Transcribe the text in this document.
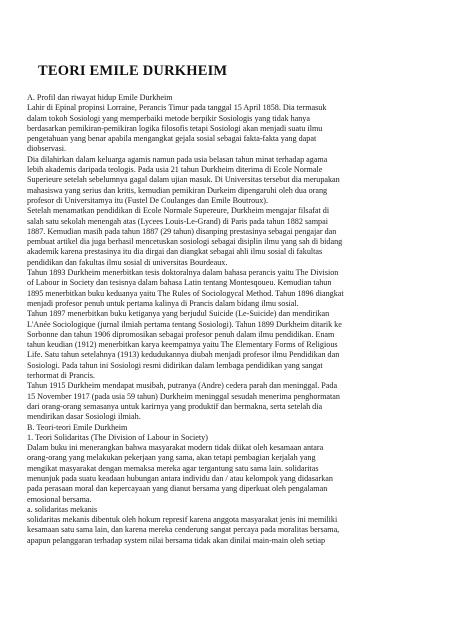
TEORI EMILE DURKHEIM
A. Profil dan riwayat hidup Emile Durkheim
Lahir di Epinal propinsi Lorraine, Perancis Timur pada tanggal 15 April 1858. Dia termasuk
dalam tokoh Sosiologi yang memperbaiki metode berpikir Sosiologis yang tidak hanya
berdasarkan pemikiran-pemikiran logika filosofis tetapi Sosiologi akan menjadi suatu ilmu
pengetahuan yang benar apabila mengangkat gejala sosial sebagai fakta-fakta yang dapat
diobservasi.
Dia dilahirkan dalam keluarga agamis namun pada usia belasan tahun minat terhadap agama
lebih akademis daripada teologis. Pada usia 21 tahun Durkheim diterima di Ecole Normale
Superieure setelah sebelumnya gagal dalam ujian masuk. Di Universitas tersebut dia merupakan
mahasiswa yang serius dan kritis, kemudian pemikiran Durkeim dipengaruhi oleh dua orang
profesor di Universitamya itu (Fustel De Coulanges dan Emile Boutroux).
Setelah menamatkan pendidikan di Ecole Normale Supereure, Durkheim mengajar filsafat di
salah satu sekolah menengah atas (Lycees Louis-Le-Grand) di Paris pada tahun 1882 sampai
1887. Kemudian masih pada tahun 1887 (29 tahun) disanping prestasinya sebagai pengajar dan
pembuat artikel dia juga berhasil mencetuskan sosiologi sebagai disiplin ilmu yang sah di bidang
akademik karena prestasinya itu dia dirgai dan diangkat sebagai ahli ilmu sosial di fakultas
pendidikan dan fakultas ilmu sosial di universitas Bourdeaux.
Tahun 1893 Durkheim menerbitkan tesis doktoralnya dalam bahasa perancis yaitu The Division
of Labour in Society dan tesisnya dalam bahasa Latin tentang Montesqoueu. Kemudian tahun
1895 menerbitkan buku keduanya yaitu The Rules of Sociologycal Method. Tahun 1896 diangkat
menjadi profesor penuh untuk pertama kalinya di Prancis dalam bidang ilmu sosial.
Tahun 1897 menerbitkan buku ketiganya yang berjudul Suicide (Le-Suicide) dan mendirikan
L'Anée Sociologique (jurnal ilmiah pertama tentang Sosiologi). Tahun 1899 Durkheim ditarik ke
Sorbonne dan tahun 1906 dipromosikan sebagai profesor penuh dalam ilmu pendidikan. Enam
tahun keudian (1912) menerbitkan karya keempatnya yaitu The Elementary Forms of Religious
Life. Satu tahun setelahnya (1913) kedudukannya diubah menjadi profesor ilmu Pendidikan dan
Sosiologi. Pada tahun ini Sosiologi resmi didirikan dalam lembaga pendidikan yang sangat
terhormat di Prancis.
Tahun 1915 Durkheim mendapat musibah, putranya (Andre) cedera parah dan meninggal. Pada
15 November 1917 (pada usia 59 tahun) Durkheim meninggal sesudah menerima penghormatan
dari orang-orang semasanya untuk karirnya yang produktif dan bermakna, serta setelah dia
mendirikan dasar Sosiologi ilmiah.
B. Teori-teori Emile Durkheim
1. Teori Solidaritas (The Division of Labour in Society)
Dalam buku ini menerangkan bahwa masyarakat modern tidak diikat oleh kesamaan antara
orang-orang yang melakukan pekerjaan yang sama, akan tetapi pembagian kerjalah yang
mengikat masyarakat dengan memaksa mereka agar tergantung satu sama lain. solidaritas
menunjuk pada suatu keadaan hubungan antara individu dan / atau kelompok yang didasarkan
pada perasaan moral dan kepercayaan yang dianut bersama yang diperkuat oleh pengalaman
emosional bersama.
a. solidaritas mekanis
solidaritas mekanis dibentuk oleh hokum represif karena anggota masyarakat jenis ini memiliki
kesamaan satu sama lain, dan karena mereka cenderung sangat percaya pada moralitas bersama,
apapun pelanggaran terhadap system nilai bersama tidak akan dinilai main-main oleh setiap
